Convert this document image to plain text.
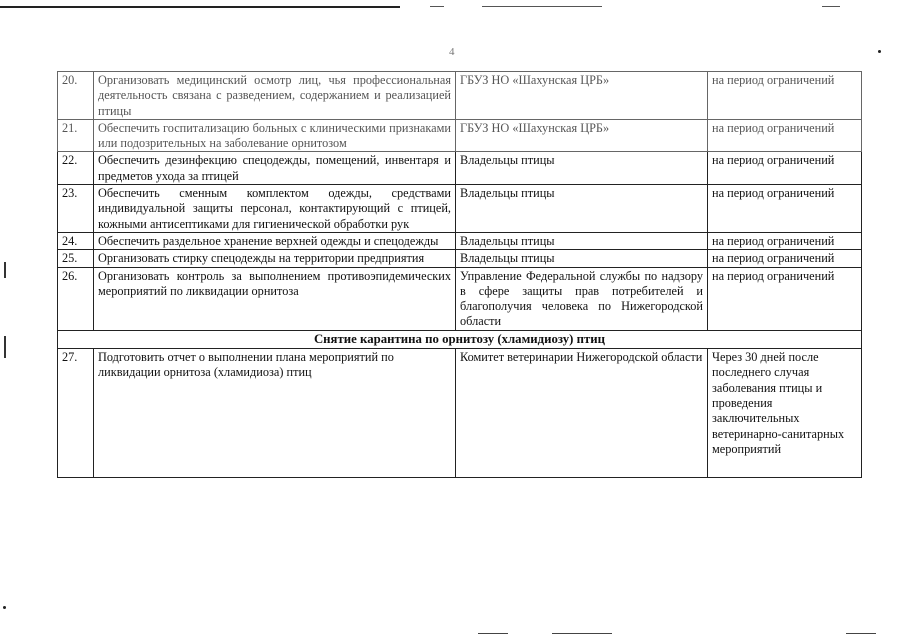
4
20.	Организовать медицинский осмотр лиц, чья профессиональная деятельность связана с разведением, содержанием и реализацией птицы	ГБУЗ НО «Шахунская ЦРБ»	на период ограничений
21.	Обеспечить госпитализацию больных с клиническими признаками или подозрительных на заболевание орнитозом	ГБУЗ НО «Шахунская ЦРБ»	на период ограничений
22.	Обеспечить дезинфекцию спецодежды, помещений, инвентаря и предметов ухода за птицей	Владельцы птицы	на период ограничений
23.	Обеспечить сменным комплектом одежды, средствами индивидуальной защиты персонал, контактирующий с птицей, кожными антисептиками для гигиенической обработки рук	Владельцы птицы	на период ограничений
24.	Обеспечить раздельное хранение верхней одежды и спецодежды	Владельцы птицы	на период ограничений
25.	Организовать стирку спецодежды на территории предприятия	Владельцы птицы	на период ограничений
26.	Организовать контроль за выполнением противоэпидемических мероприятий по ликвидации орнитоза	Управление Федеральной службы по надзору в сфере защиты прав потребителей и благополучия человека по Нижегородской области	на период ограничений
Снятие карантина по орнитозу (хламидиозу) птиц			
27.	Подготовить отчет о выполнении плана мероприятий по ликвидации орнитоза (хламидиоза) птиц	Комитет ветеринарии Нижегородской области	Через 30 дней после последнего случая заболевания птицы и проведения заключительных ветеринарно-санитарных мероприятий
